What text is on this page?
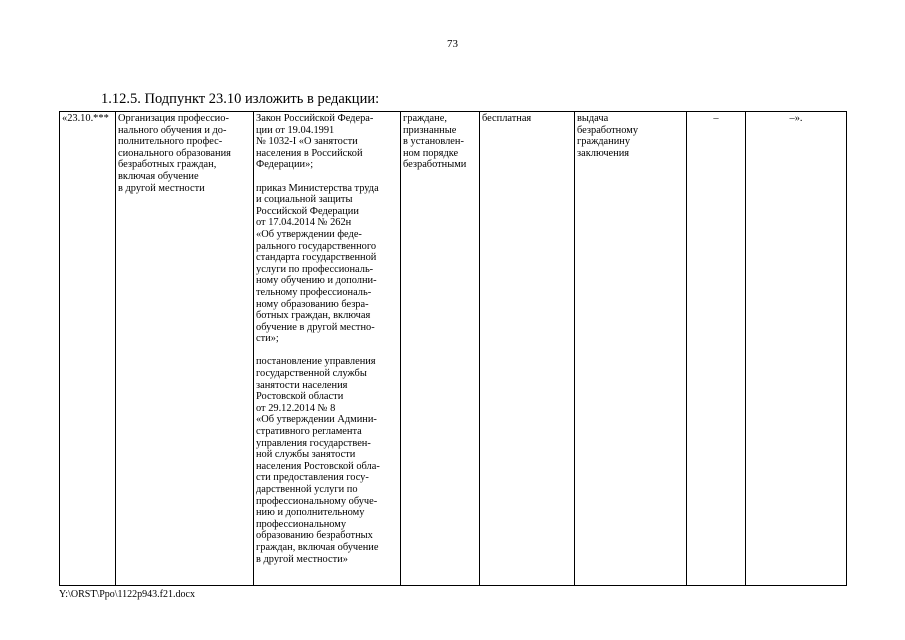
73
1.12.5. Подпункт 23.10 изложить в редакции:
«23.10.***	Организация профессио-
нального обучения и до-
полнительного профес-
сионального образования
безработных граждан,
включая обучение
в другой местности	Закон Российской Федера-
ции от 19.04.1991
№ 1032-I «О занятости
населения в Российской
Федерации»;

приказ Министерства труда
и социальной защиты
Российской Федерации
от 17.04.2014 № 262н
«Об утверждении феде-
рального государственного
стандарта государственной
услуги по профессиональ-
ному обучению и дополни-
тельному профессиональ-
ному образованию безра-
ботных граждан, включая
обучение в другой местно-
сти»;

постановление управления
государственной службы
занятости населения
Ростовской области
от 29.12.2014 № 8
«Об утверждении Админи-
стративного регламента
управления государствен-
ной службы занятости
населения Ростовской обла-
сти предоставления госу-
дарственной услуги по
профессиональному обуче-
нию и дополнительному
профессиональному
образованию безработных
граждан, включая обучение
в другой местности»	граждане,
признанные
в установлен-
ном порядке
безработными	бесплатная	выдача
безработному
гражданину
заключения	–	–».
Y:\ORST\Ppo\1122p943.f21.docx
